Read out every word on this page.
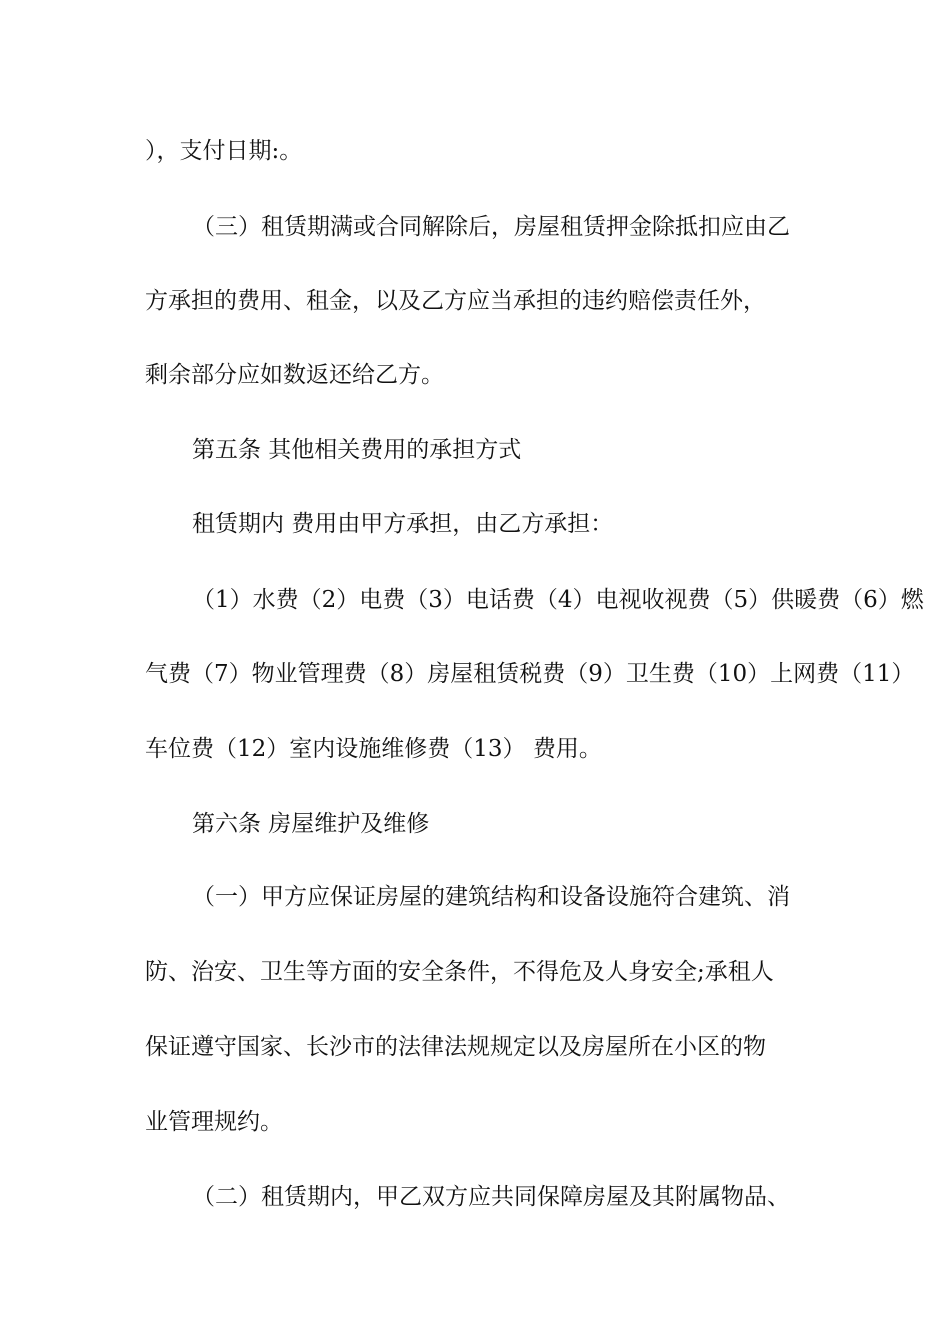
），支付日期:。
（三）租赁期满或合同解除后，房屋租赁押金除抵扣应由乙
方承担的费用、租金，以及乙方应当承担的违约赔偿责任外，
剩余部分应如数返还给乙方。
第五条 其他相关费用的承担方式
租赁期内 费用由甲方承担，由乙方承担：
（1）水费（2）电费（3）电话费（4）电视收视费（5）供暖费（6）燃
气费（7）物业管理费（8）房屋租赁税费（9）卫生费（10）上网费（11）
车位费（12）室内设施维修费（13） 费用。
第六条 房屋维护及维修
（一）甲方应保证房屋的建筑结构和设备设施符合建筑、消
防、治安、卫生等方面的安全条件，不得危及人身安全;承租人
保证遵守国家、长沙市的法律法规规定以及房屋所在小区的物
业管理规约。
（二）租赁期内，甲乙双方应共同保障房屋及其附属物品、
